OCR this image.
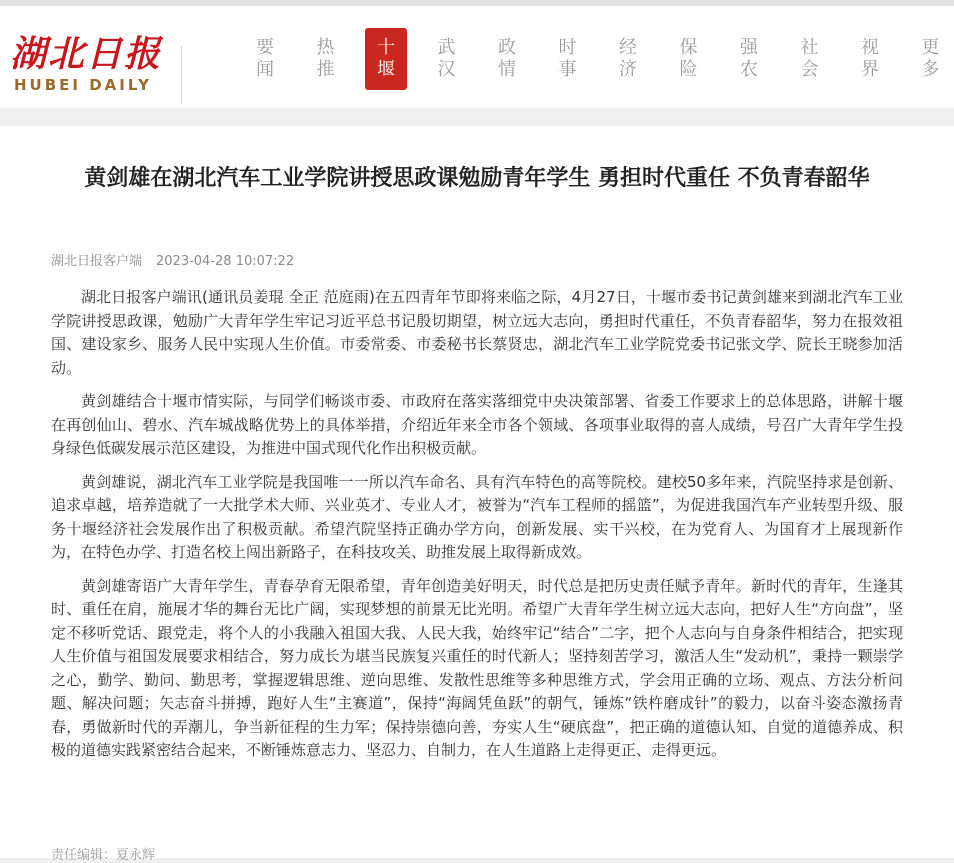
湖北日报
HUBEI DAILY
要闻
热推
十堰
武汉
政情
时事
经济
保险
强农
社会
视界
更多
黄剑雄在湖北汽车工业学院讲授思政课勉励青年学生 勇担时代重任 不负青春韶华
湖北日报客户端 2023-04-28 10:07:22

湖北日报客户端讯(通讯员姜琨 全正 范庭雨)在五四青年节即将来临之际，4月27日，十堰市委书记黄剑雄来到湖北汽车工业学院讲授思政课，勉励广大青年学生牢记习近平总书记殷切期望，树立远大志向，勇担时代重任，不负青春韶华，努力在报效祖国、建设家乡、服务人民中实现人生价值。市委常委、市委秘书长蔡贤忠，湖北汽车工业学院党委书记张文学、院长王晓参加活动。

黄剑雄结合十堰市情实际，与同学们畅谈市委、市政府在落实落细党中央决策部署、省委工作要求上的总体思路，讲解十堰在再创仙山、碧水、汽车城战略优势上的具体举措，介绍近年来全市各个领域、各项事业取得的喜人成绩，号召广大青年学生投身绿色低碳发展示范区建设，为推进中国式现代化作出积极贡献。

黄剑雄说，湖北汽车工业学院是我国唯一一所以汽车命名、具有汽车特色的高等院校。建校50多年来，汽院坚持求是创新、追求卓越，培养造就了一大批学术大师、兴业英才、专业人才，被誉为“汽车工程师的摇篮”，为促进我国汽车产业转型升级、服务十堰经济社会发展作出了积极贡献。希望汽院坚持正确办学方向，创新发展、实干兴校，在为党育人、为国育才上展现新作为，在特色办学、打造名校上闯出新路子，在科技攻关、助推发展上取得新成效。

黄剑雄寄语广大青年学生，青春孕育无限希望，青年创造美好明天，时代总是把历史责任赋予青年。新时代的青年，生逢其时、重任在肩，施展才华的舞台无比广阔，实现梦想的前景无比光明。希望广大青年学生树立远大志向，把好人生“方向盘”，坚定不移听党话、跟党走，将个人的小我融入祖国大我、人民大我，始终牢记“结合”二字，把个人志向与自身条件相结合，把实现人生价值与祖国发展要求相结合，努力成长为堪当民族复兴重任的时代新人；坚持刻苦学习，激活人生“发动机”，秉持一颗崇学之心，勤学、勤问、勤思考，掌握逻辑思维、逆向思维、发散性思维等多种思维方式，学会用正确的立场、观点、方法分析问题、解决问题；矢志奋斗拼搏，跑好人生“主赛道”，保持“海阔凭鱼跃”的朝气，锤炼“铁杵磨成针”的毅力，以奋斗姿态激扬青春，勇做新时代的弄潮儿，争当新征程的生力军；保持崇德向善，夯实人生“硬底盘”，把正确的道德认知、自觉的道德养成、积极的道德实践紧密结合起来，不断锤炼意志力、坚忍力、自制力，在人生道路上走得更正、走得更远。

责任编辑：夏永辉
